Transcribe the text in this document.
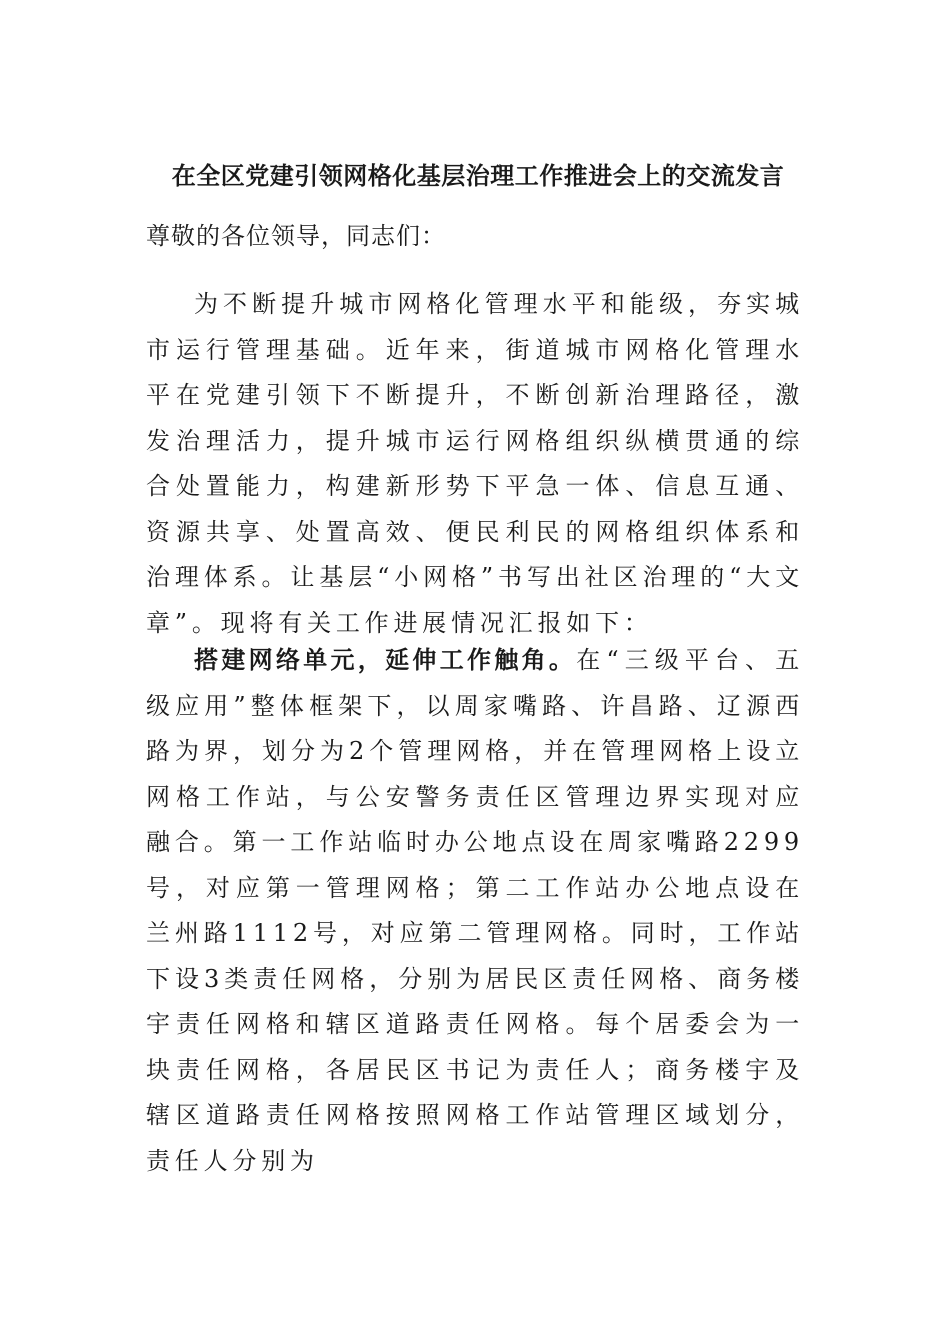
在全区党建引领网格化基层治理工作推进会上的交流发言
尊敬的各位领导，同志们：
为不断提升城市网格化管理水平和能级，夯实城市运行管理基础。近年来，街道城市网格化管理水平在党建引领下不断提升，不断创新治理路径，激发治理活力，提升城市运行网格组织纵横贯通的综合处置能力，构建新形势下平急一体、信息互通、资源共享、处置高效、便民利民的网格组织体系和治理体系。让基层“小网格”书写出社区治理的“大文章”。现将有关工作进展情况汇报如下：
搭建网络单元，延伸工作触角。在“三级平台、五级应用”整体框架下，以周家嘴路、许昌路、辽源西路为界，划分为2个管理网格，并在管理网格上设立网格工作站，与公安警务责任区管理边界实现对应融合。第一工作站临时办公地点设在周家嘴路2299号，对应第一管理网格；第二工作站办公地点设在兰州路1112号，对应第二管理网格。同时，工作站下设3类责任网格，分别为居民区责任网格、商务楼宇责任网格和辖区道路责任网格。每个居委会为一块责任网格，各居民区书记为责任人；商务楼宇及辖区道路责任网格按照网格工作站管理区域划分，责任人分别为
